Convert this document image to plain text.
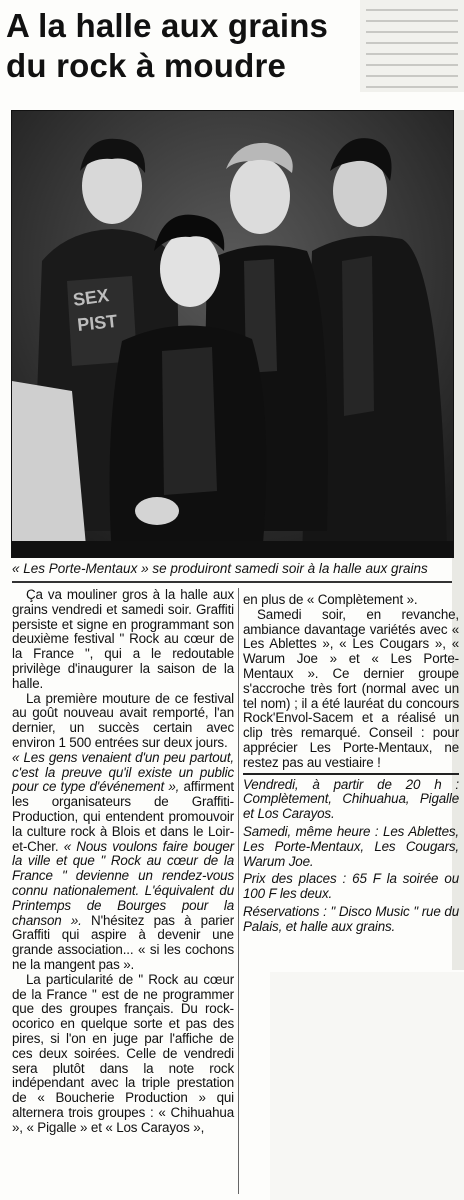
A la halle aux grains
du rock à moudre
SEX
PIST
« Les Porte-Mentaux » se produiront samedi soir à la halle aux grains

Ça va mouliner gros à la halle aux grains vendredi et samedi soir. Graffiti persiste et signe en programmant son deuxième festival " Rock au cœur de la France ", qui a le redoutable privilège d'inaugurer la saison de la halle.

La première mouture de ce festival au goût nouveau avait remporté, l'an dernier, un succès certain avec environ 1 500 entrées sur deux jours.

« Les gens venaient d'un peu partout, c'est la preuve qu'il existe un public pour ce type d'événement », affirment les organisateurs de Graffiti-Production, qui entendent promouvoir la culture rock à Blois et dans le Loir-et-Cher. « Nous voulons faire bouger la ville et que " Rock au cœur de la France " devienne un rendez-vous connu nationalement. L'équivalent du Printemps de Bourges pour la chanson ». N'hésitez pas à parier Graffiti qui aspire à devenir une grande association... « si les cochons ne la mangent pas ».

La particularité de " Rock au cœur de la France " est de ne programmer que des groupes français. Du rock-ocorico en quelque sorte et pas des pires, si l'on en juge par l'affiche de ces deux soirées. Celle de vendredi sera plutôt dans la note rock indépendant avec la triple prestation de « Boucherie Production » qui alternera trois groupes : « Chihuahua », « Pigalle » et « Los Carayos »,

en plus de « Complètement ».

Samedi soir, en revanche, ambiance davantage variétés avec « Les Ablettes », « Les Cougars », « Warum Joe » et « Les Porte-Mentaux ». Ce dernier groupe s'accroche très fort (normal avec un tel nom) ; il a été lauréat du concours Rock'Envol-Sacem et a réalisé un clip très remarqué. Conseil : pour apprécier Les Porte-Mentaux, ne restez pas au vestiaire !

Vendredi, à partir de 20 h : Complètement, Chihuahua, Pigalle et Los Carayos.

Samedi, même heure : Les Ablettes, Les Porte-Mentaux, Les Cougars, Warum Joe.

Prix des places : 65 F la soirée ou 100 F les deux.

Réservations : " Disco Music " rue du Palais, et halle aux grains.
